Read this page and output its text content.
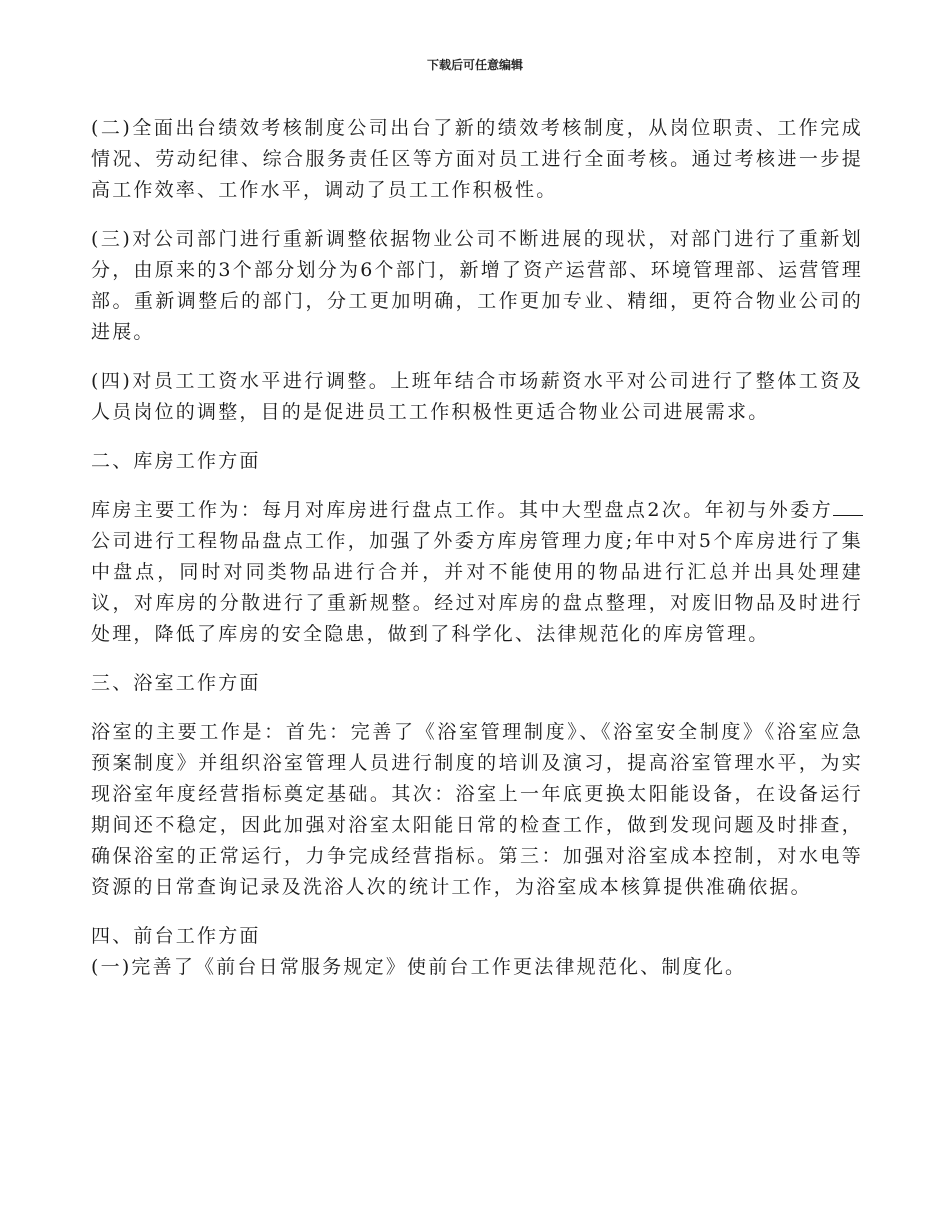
下载后可任意编辑

(二)全面出台绩效考核制度公司出台了新的绩效考核制度，从岗位职责、工作完成情况、劳动纪律、综合服务责任区等方面对员工进行全面考核。通过考核进一步提高工作效率、工作水平，调动了员工工作积极性。

(三)对公司部门进行重新调整依据物业公司不断进展的现状，对部门进行了重新划分，由原来的3个部分划分为6个部门，新增了资产运营部、环境管理部、运营管理部。重新调整后的部门，分工更加明确，工作更加专业、精细，更符合物业公司的进展。

(四)对员工工资水平进行调整。上班年结合市场薪资水平对公司进行了整体工资及人员岗位的调整，目的是促进员工工作积极性更适合物业公司进展需求。

二、库房工作方面

库房主要工作为：每月对库房进行盘点工作。其中大型盘点2次。年初与外委方公司进行工程物品盘点工作，加强了外委方库房管理力度;年中对5个库房进行了集中盘点，同时对同类物品进行合并，并对不能使用的物品进行汇总并出具处理建议，对库房的分散进行了重新规整。经过对库房的盘点整理，对废旧物品及时进行处理，降低了库房的安全隐患，做到了科学化、法律规范化的库房管理。

三、浴室工作方面

浴室的主要工作是：首先：完善了《浴室管理制度》、《浴室安全制度》《浴室应急预案制度》并组织浴室管理人员进行制度的培训及演习，提高浴室管理水平，为实现浴室年度经营指标奠定基础。其次：浴室上一年底更换太阳能设备，在设备运行期间还不稳定，因此加强对浴室太阳能日常的检查工作，做到发现问题及时排查，确保浴室的正常运行，力争完成经营指标。第三：加强对浴室成本控制，对水电等资源的日常查询记录及洗浴人次的统计工作，为浴室成本核算提供准确依据。

四、前台工作方面

(一)完善了《前台日常服务规定》使前台工作更法律规范化、制度化。
